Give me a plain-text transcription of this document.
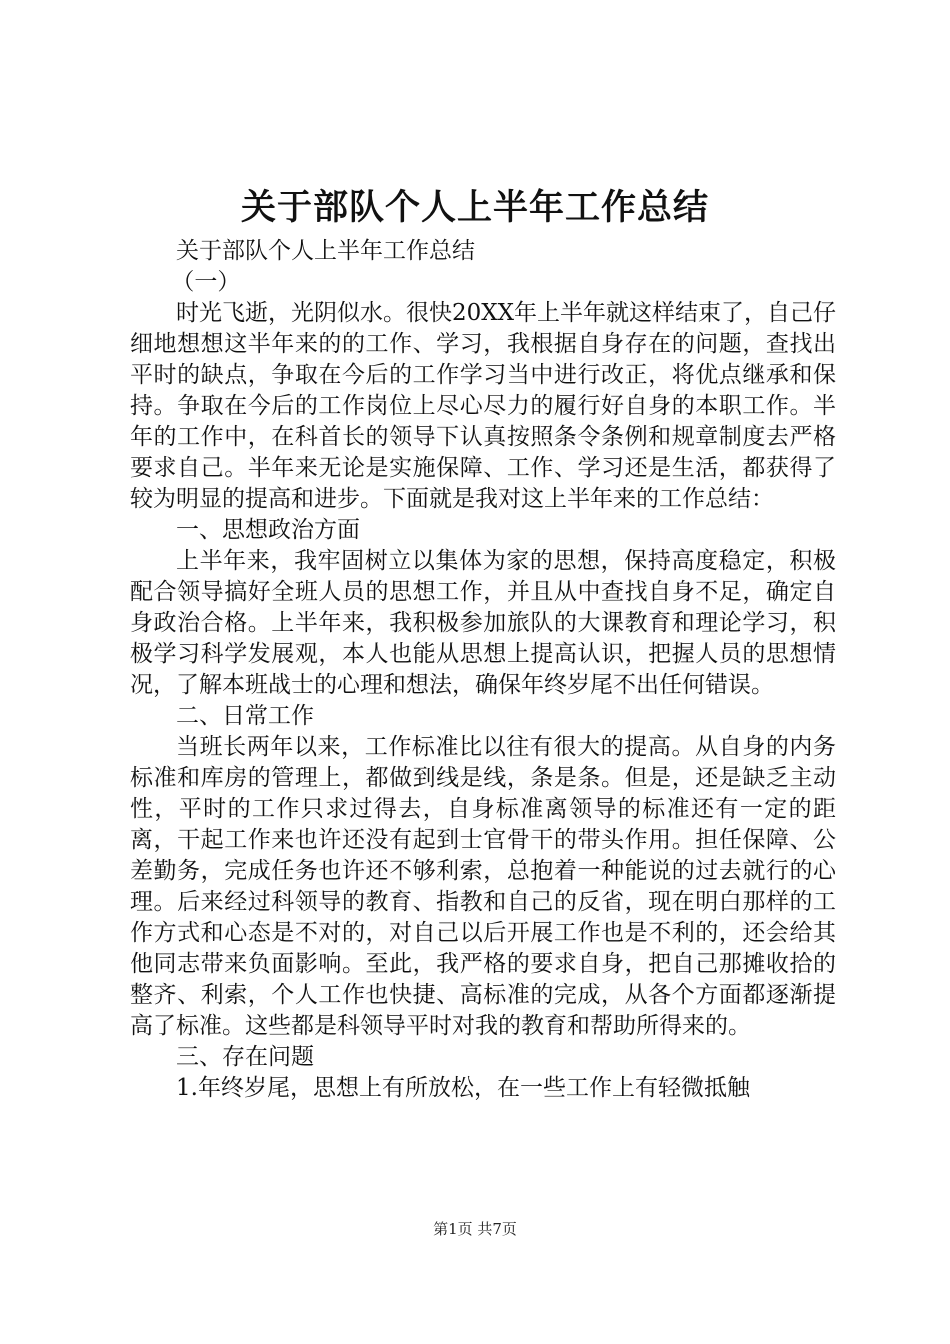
关于部队个人上半年工作总结

关于部队个人上半年工作总结

（一）

时光飞逝，光阴似水。很快20XX年上半年就这样结束了，自己仔细地想想这半年来的的工作、学习，我根据自身存在的问题，查找出平时的缺点，争取在今后的工作学习当中进行改正，将优点继承和保持。争取在今后的工作岗位上尽心尽力的履行好自身的本职工作。半年的工作中，在科首长的领导下认真按照条令条例和规章制度去严格要求自己。半年来无论是实施保障、工作、学习还是生活，都获得了较为明显的提高和进步。下面就是我对这上半年来的工作总结：

一、思想政治方面

上半年来，我牢固树立以集体为家的思想，保持高度稳定，积极配合领导搞好全班人员的思想工作，并且从中查找自身不足，确定自身政治合格。上半年来，我积极参加旅队的大课教育和理论学习，积极学习科学发展观，本人也能从思想上提高认识，把握人员的思想情况，了解本班战士的心理和想法，确保年终岁尾不出任何错误。

二、日常工作

当班长两年以来，工作标准比以往有很大的提高。从自身的内务标准和库房的管理上，都做到线是线，条是条。但是，还是缺乏主动性，平时的工作只求过得去，自身标准离领导的标准还有一定的距离，干起工作来也许还没有起到士官骨干的带头作用。担任保障、公差勤务，完成任务也许还不够利索，总抱着一种能说的过去就行的心理。后来经过科领导的教育、指教和自己的反省，现在明白那样的工作方式和心态是不对的，对自己以后开展工作也是不利的，还会给其他同志带来负面影响。至此，我严格的要求自身，把自己那摊收拾的整齐、利索，个人工作也快捷、高标准的完成，从各个方面都逐渐提高了标准。这些都是科领导平时对我的教育和帮助所得来的。

三、存在问题

1.年终岁尾，思想上有所放松，在一些工作上有轻微抵触

第1页 共7页
